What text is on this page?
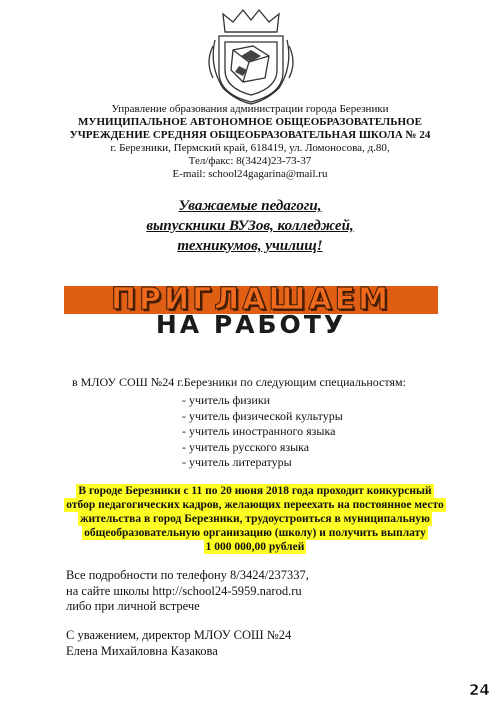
Управление образования администрации города Березники
МУНИЦИПАЛЬНОЕ АВТОНОМНОЕ ОБЩЕОБРАЗОВАТЕЛЬНОЕ
УЧРЕЖДЕНИЕ СРЕДНЯЯ ОБЩЕОБРАЗОВАТЕЛЬНАЯ ШКОЛА № 24
г. Березники, Пермский край, 618419, ул. Ломоносова, д.80,
Тел/факс: 8(3424)23-73-37
E-mail: school24gagarina@mail.ru
Уважаемые педагоги,
выпускники ВУЗов, колледжей,
техникумов, училищ!
ПРИГЛАШАЕМ
НА РАБОТУ
в МЛОУ СОШ №24 г.Березники по следующим специальностям:
- учитель физики
- учитель физической культуры
- учитель иностранного языка
- учитель русского языка
- учитель литературы
В городе Березники с 11 по 20 июня 2018 года проходит конкурсный
отбор педагогических кадров, желающих переехать на постоянное место
жительства в город Березники, трудоустроиться в муниципальную
общеобразовательную организацию (школу) и получить выплату
1 000 000,00 рублей
Все подробности по телефону 8/3424/237337,
на сайте школы http://school24-5959.narod.ru
либо при личной встрече
С уважением, директор МЛОУ СОШ №24
Елена Михайловна Казакова
24
